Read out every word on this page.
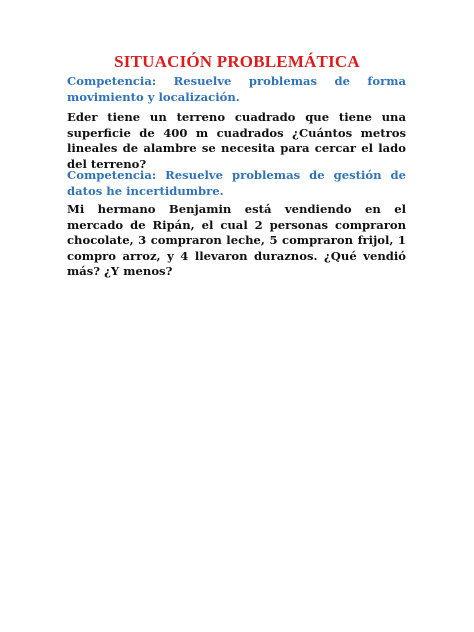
SITUACIÓN PROBLEMÁTICA

Competencia: Resuelve problemas de forma movimiento y localización.

Eder tiene un terreno cuadrado que tiene una superficie de 400 m cuadrados ¿Cuántos metros lineales de alambre se necesita para cercar el lado del terreno?

Competencia: Resuelve problemas de gestión de datos he incertidumbre.

Mi hermano Benjamin está vendiendo en el mercado de Ripán, el cual 2 personas compraron chocolate, 3 compraron leche, 5 compraron frijol, 1 compro arroz, y 4 llevaron duraznos. ¿Qué vendió más? ¿Y menos?
